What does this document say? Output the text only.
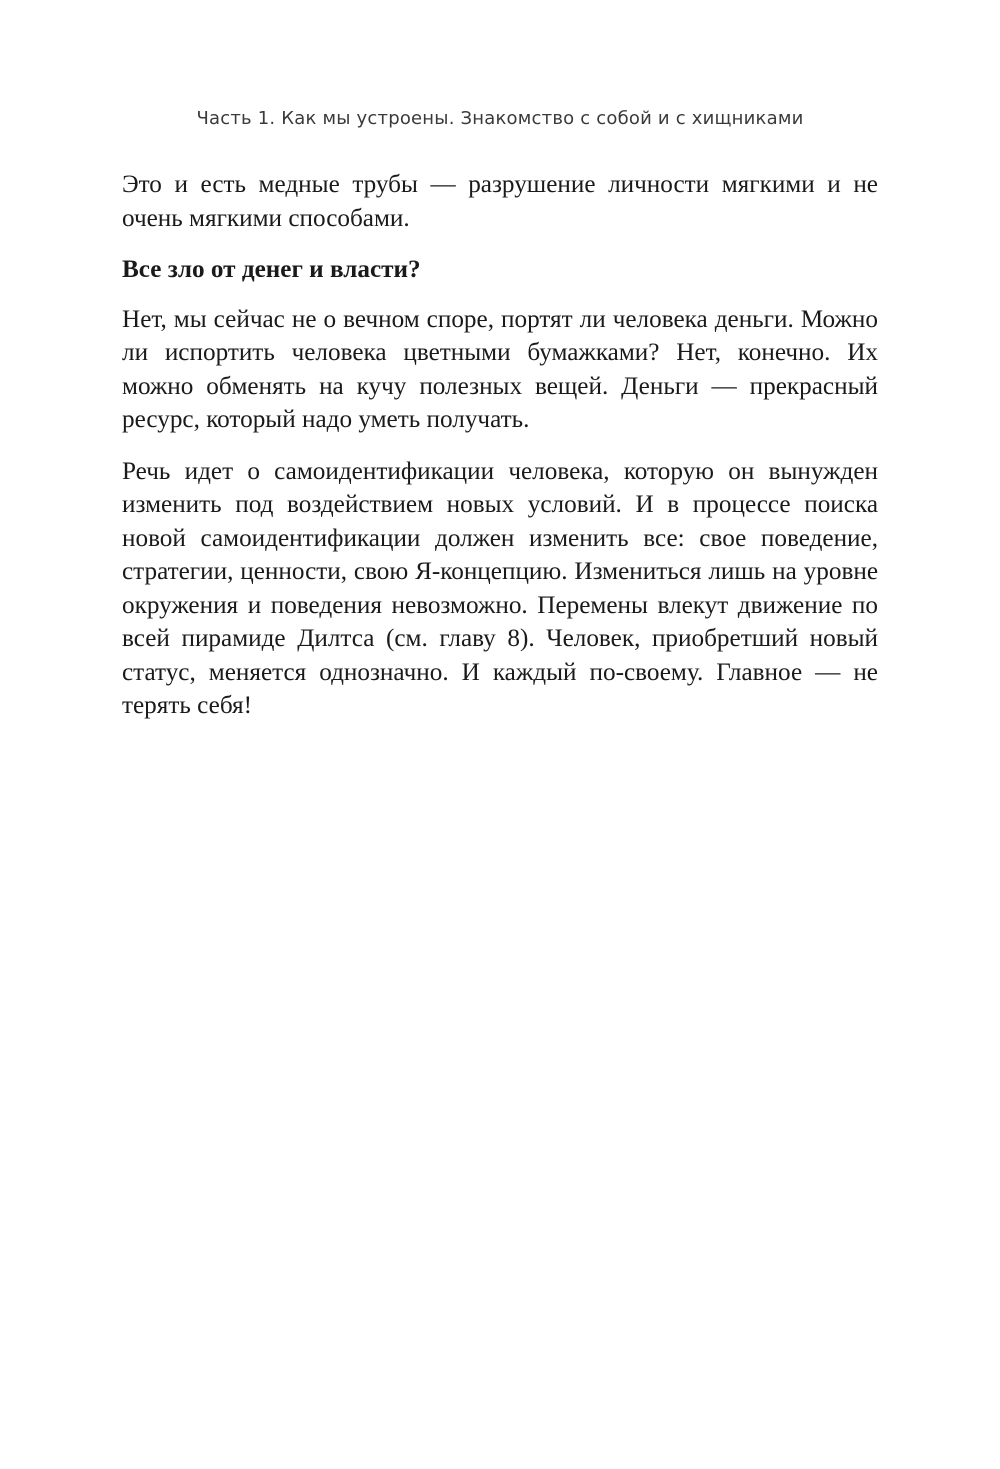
Часть 1. Как мы устроены. Знакомство с собой и с хищниками

Это и есть медные трубы — разрушение личности мягкими и не очень мягкими способами.

Все зло от денег и власти?

Нет, мы сейчас не о вечном споре, портят ли человека деньги. Можно ли испортить человека цветными бумажками? Нет, конечно. Их можно обменять на кучу полезных вещей. Деньги — прекрасный ресурс, который надо уметь получать.

Речь идет о самоидентификации человека, которую он вынужден изменить под воздействием новых условий. И в процессе поиска новой самоидентификации должен изменить все: свое поведение, стратегии, ценности, свою Я-концепцию. Измениться лишь на уровне окружения и поведения невозможно. Перемены влекут движение по всей пирамиде Дилтса (см. главу 8). Человек, приобретший новый статус, меняется однозначно. И каждый по-своему. Главное — не терять себя!
